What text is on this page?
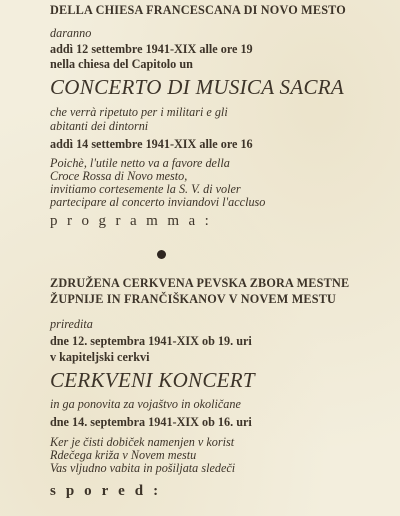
DELLA CHIESA FRANCESCANA DI NOVO MESTO
daranno
addì 12 settembre 1941-XIX alle ore 19
nella chiesa del Capitolo un
CONCERTO DI MUSICA SACRA
che verrà ripetuto per i militari e gli
abitanti dei dintorni
addì 14 settembre 1941-XIX alle ore 16
Poichè, l'utile netto va a favore della
Croce Rossa di Novo mesto,
invitiamo cortesemente la S. V. di voler
partecipare al concerto inviandovi l'accluso
programma:
ZDRUŽENA CERKVENA PEVSKA ZBORA MESTNE
ŽUPNIJE IN FRANČIŠKANOV V NOVEM MESTU
priredita
dne 12. septembra 1941-XIX ob 19. uri
v kapiteljski cerkvi
CERKVENI KONCERT
in ga ponovita za vojaštvo in okoličane
dne 14. septembra 1941-XIX ob 16. uri
Ker je čisti dobiček namenjen v korist
Rdečega križa v Novem mestu
Vas vljudno vabita in pošiljata sledeči
spored:
